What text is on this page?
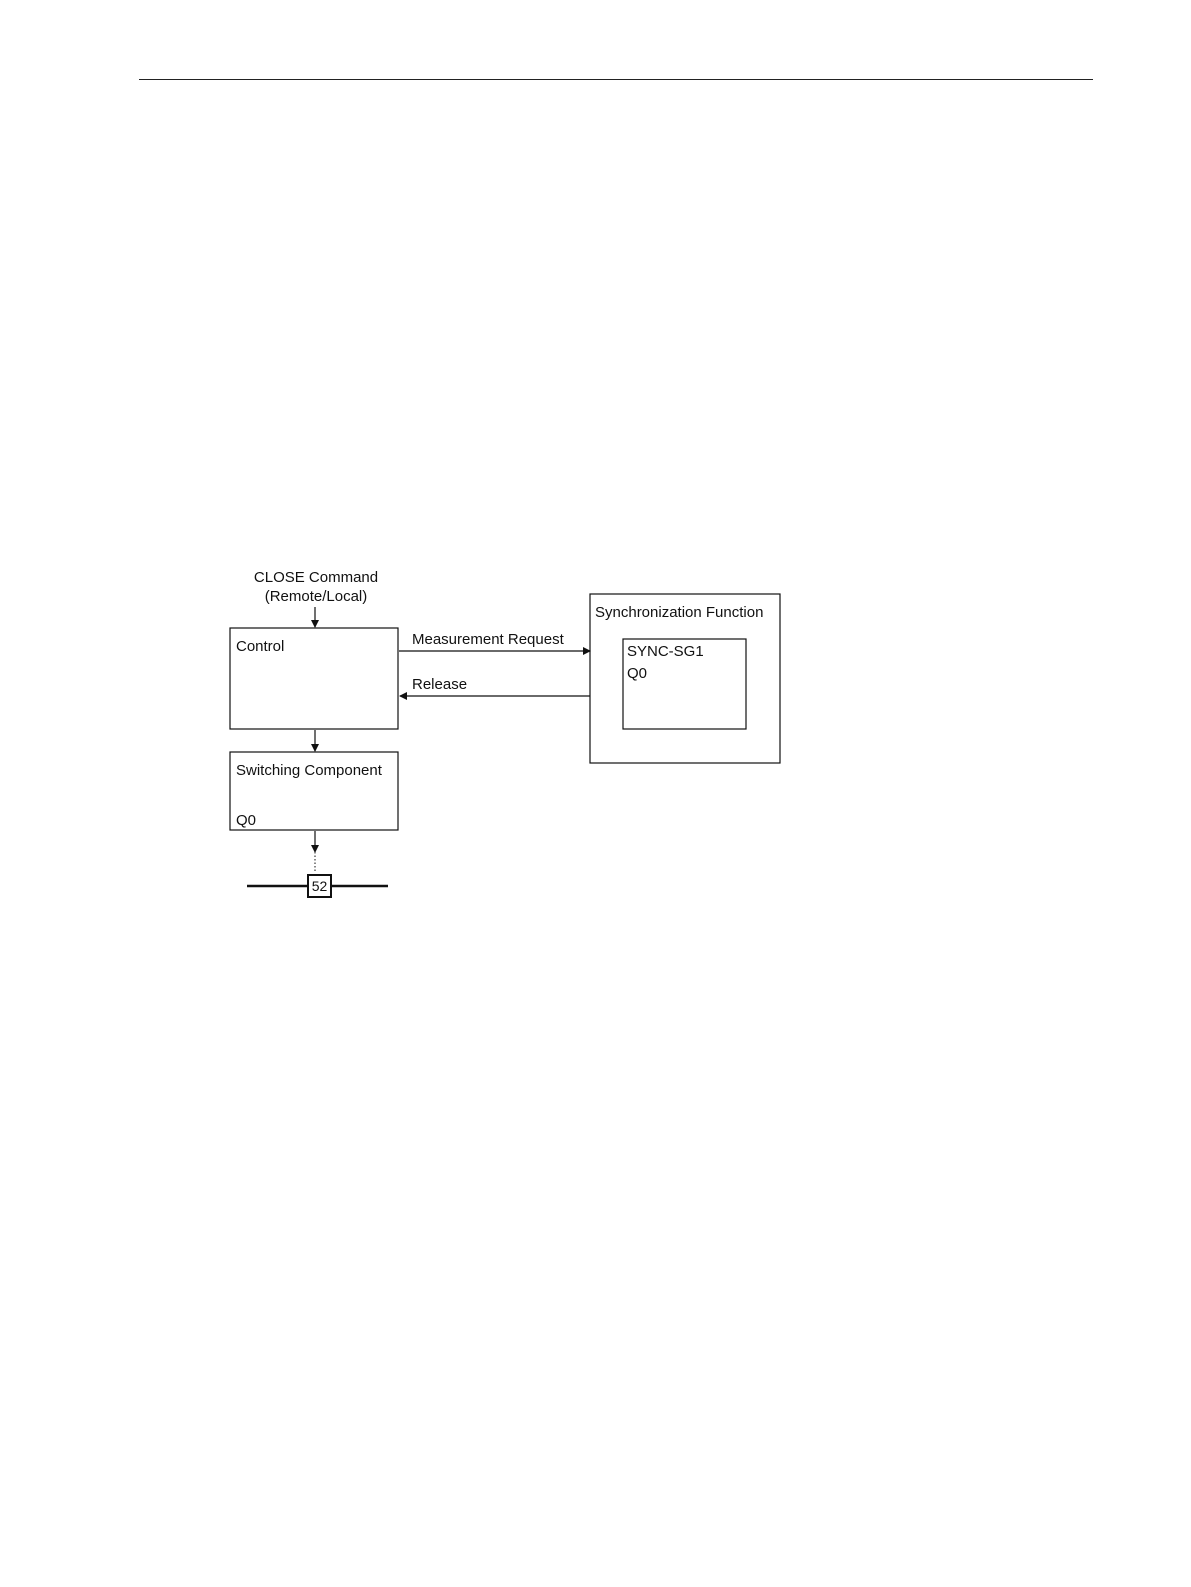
CLOSE Command
(Remote/Local)
Control
Switching Component
Q0
52
Measurement Request
Release
Synchronization Function
SYNC-SG1
Q0
